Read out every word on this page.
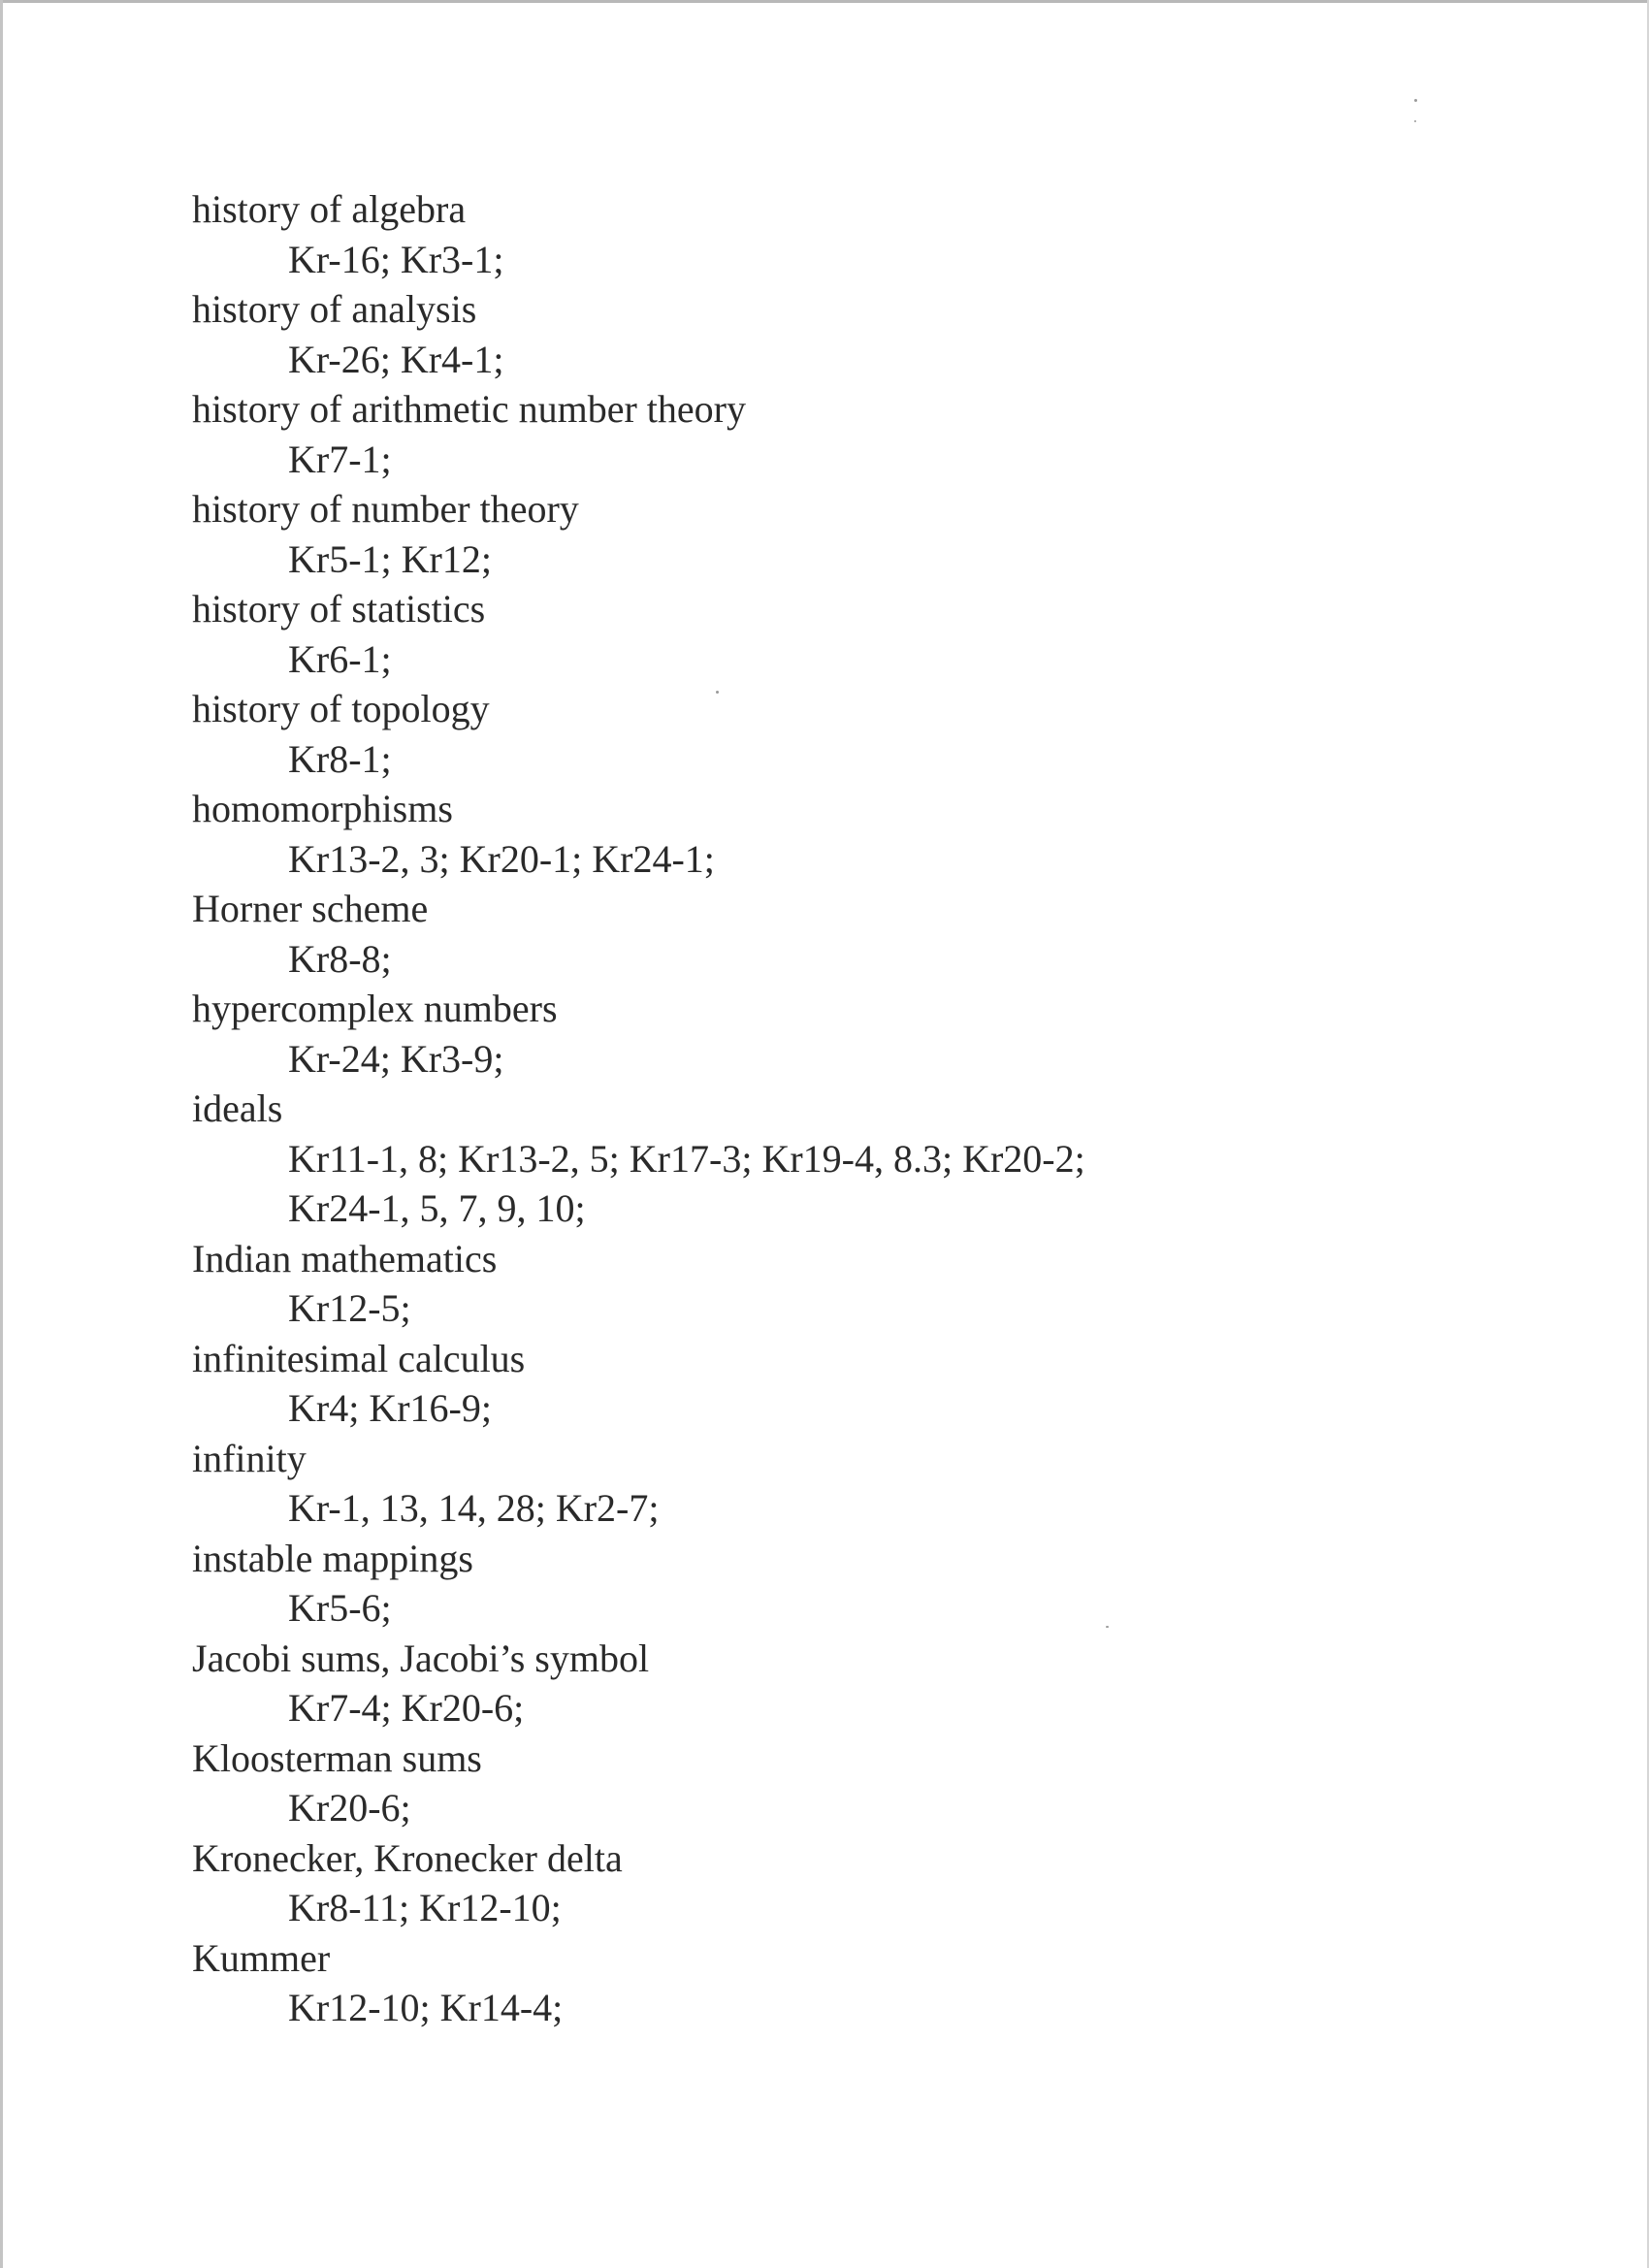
history of algebra
Kr-16; Kr3-1;
history of analysis
Kr-26; Kr4-1;
history of arithmetic number theory
Kr7-1;
history of number theory
Kr5-1; Kr12;
history of statistics
Kr6-1;
history of topology
Kr8-1;
homomorphisms
Kr13-2, 3; Kr20-1; Kr24-1;
Horner scheme
Kr8-8;
hypercomplex numbers
Kr-24; Kr3-9;
ideals
Kr11-1, 8; Kr13-2, 5; Kr17-3; Kr19-4, 8.3; Kr20-2;
Kr24-1, 5, 7, 9, 10;
Indian mathematics
Kr12-5;
infinitesimal calculus
Kr4; Kr16-9;
infinity
Kr-1, 13, 14, 28; Kr2-7;
instable mappings
Kr5-6;
Jacobi sums, Jacobi’s symbol
Kr7-4; Kr20-6;
Kloosterman sums
Kr20-6;
Kronecker, Kronecker delta
Kr8-11; Kr12-10;
Kummer
Kr12-10; Kr14-4;
